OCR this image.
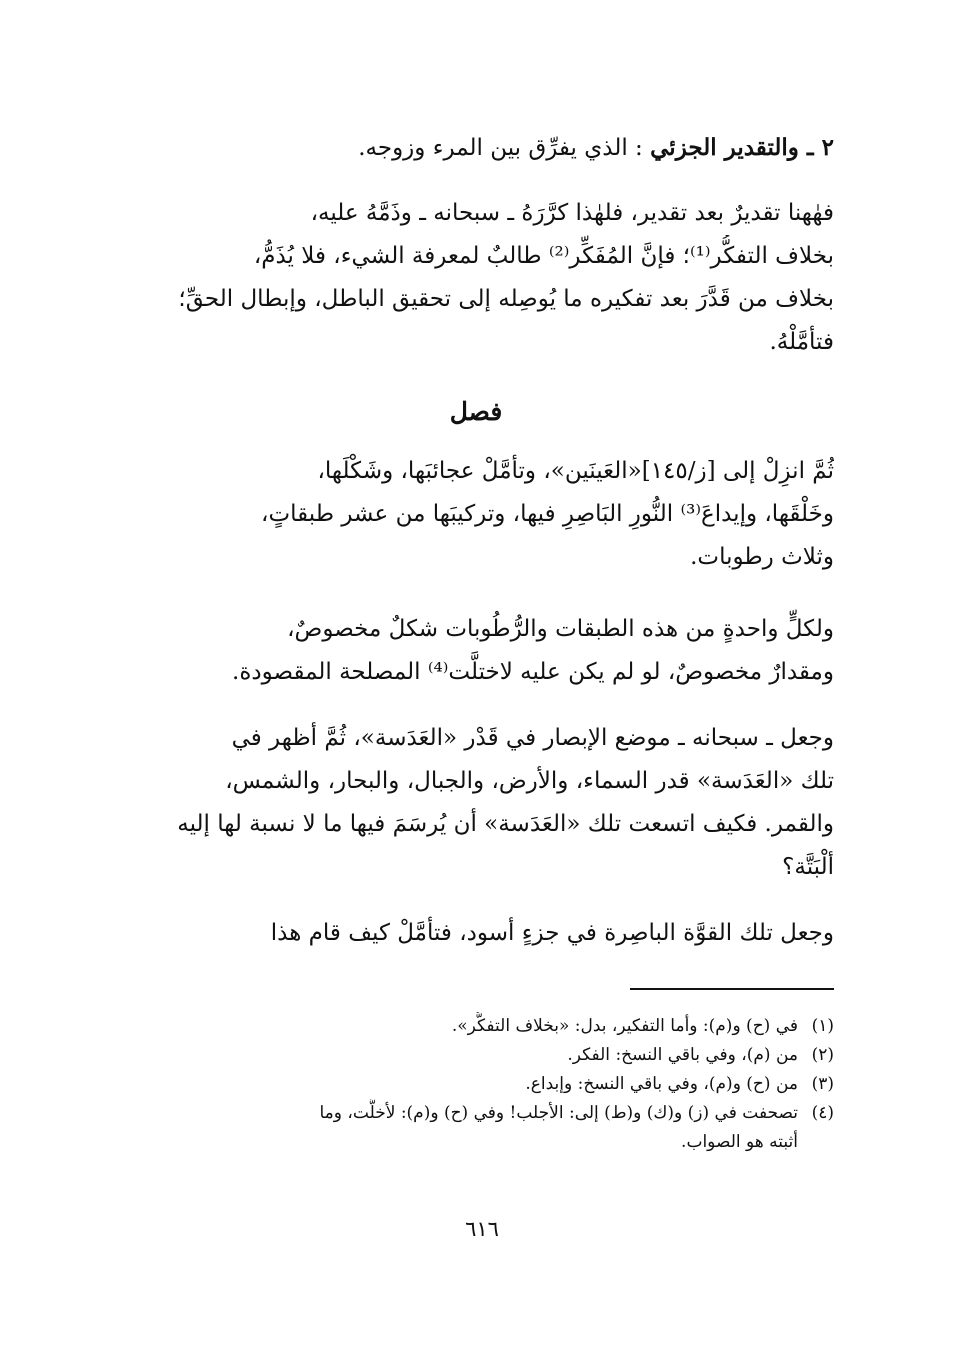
٢ ـ والتقدير الجزئي : الذي يفرِّق بين المرء وزوجه.
فهٰهنا تقديرٌ بعد تقدير، فلهٰذا كرَّرَهُ ـ سبحانه ـ وذَمَّهُ عليه،
بخلاف التفكُّر⁽¹⁾؛ فإنَّ المُفَكِّر⁽²⁾ طالبٌ لمعرفة الشيء، فلا يُذَمُّ،
بخلاف من قَدَّرَ بعد تفكيره ما يُوصِله إلى تحقيق الباطل، وإبطال الحقِّ؛
فتأمَّلْهُ.
فصل
ثُمَّ انزِلْ إلى [ز/١٤٥]«العَينَين»، وتأمَّلْ عجائبَها، وشَكْلَها،
وخَلْقَها، وإيداعَ⁽³⁾ النُّورِ البَاصِرِ فيها، وتركيبَها من عشر طبقاتٍ،
وثلاث رطوبات.
ولكلٍّ واحدةٍ من هذه الطبقات والرُّطُوبات شكلٌ مخصوصٌ،
ومقدارٌ مخصوصٌ، لو لم يكن عليه لاختلَّت⁽⁴⁾ المصلحة المقصودة.
وجعل ـ سبحانه ـ موضع الإبصار في قَدْر «العَدَسة»، ثُمَّ أظهر في
تلك «العَدَسة» قدر السماء، والأرض، والجبال، والبحار، والشمس،
والقمر. فكيف اتسعت تلك «العَدَسة» أن يُرسَمَ فيها ما لا نسبة لها إليه
ألْبَتَّة؟
وجعل تلك القوَّة الباصِرة في جزءٍ أسود، فتأمَّلْ كيف قام هذا
(١)
في (ح) و(م): وأما التفكير، بدل: «بخلاف التفكُّر».
(٢)
من (م)، وفي باقي النسخ: الفكر.
(٣)
من (ح) و(م)، وفي باقي النسخ: وإبداع.
(٤)
تصحفت في (ز) و(ك) و(ط) إلى: الأجلب! وفي (ح) و(م): لأخلَّت، وما
أثبته هو الصواب.
٦١٦
